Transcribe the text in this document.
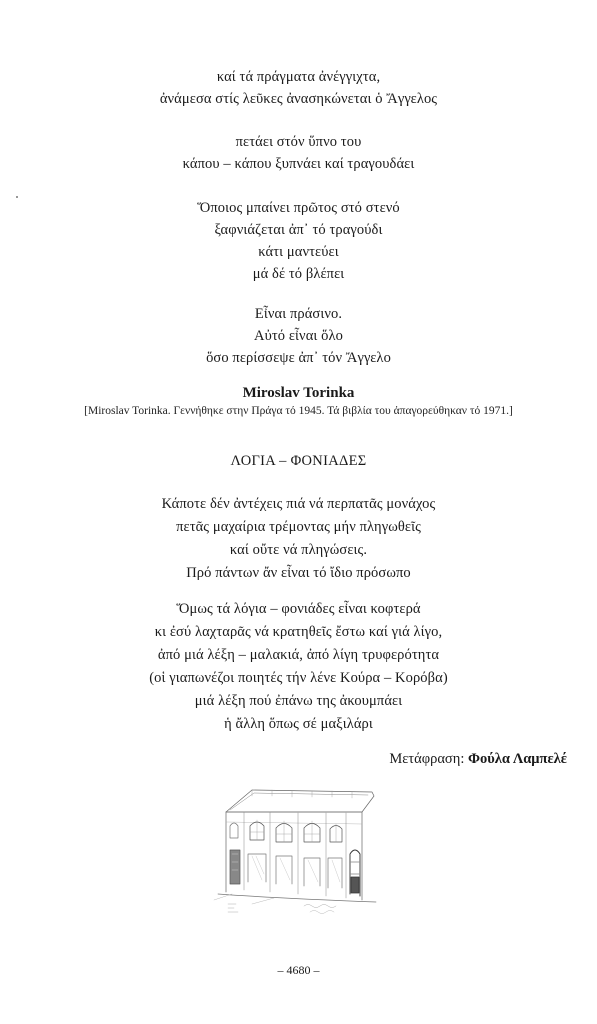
καί τά πράγματα ἀνέγγιχτα,
ἀνάμεσα στίς λεῦκες ἀνασηκώνεται ὁ Ἄγγελος
πετάει στόν ὕπνο του
κάπου – κάπου ξυπνάει καί τραγουδάει
Ὅποιος μπαίνει πρῶτος στό στενό
ξαφνιάζεται ἀπ᾿ τό τραγούδι
κάτι μαντεύει
μά δέ τό βλέπει
Εἶναι πράσινο.
Αὐτό εἶναι ὅλο
ὅσο περίσσεψε ἀπ᾿ τόν Ἄγγελο
Miroslav Torinka
[Miroslav Torinka. Γεννήθηκε στην Πράγα τό 1945. Τά βιβλία του ἀπαγορεύθηκαν τό 1971.]
ΛΟΓΙΑ – ΦΟΝΙΑΔΕΣ
Κάποτε δέν ἀντέχεις πιά νά περπατᾶς μονάχος
πετᾶς μαχαίρια τρέμοντας μήν πληγωθεῖς
καί οὔτε νά πληγώσεις.
Πρό πάντων ἄν εἶναι τό ἴδιο πρόσωπο
Ὅμως τά λόγια – φονιάδες εἶναι κοφτερά
κι ἐσύ λαχταρᾶς νά κρατηθεῖς ἔστω καί γιά λίγο,
ἀπό μιά λέξη – μαλακιά, ἀπό λίγη τρυφερότητα
(οἱ γιαπωνέζοι ποιητές τήν λένε Κούρα – Κορόβα)
μιά λέξη πού ἐπάνω της ἀκουμπάει
ἡ ἄλλη ὅπως σέ μαξιλάρι
Μετάφραση: Φούλα Λαμπελέ
– 4680 –
